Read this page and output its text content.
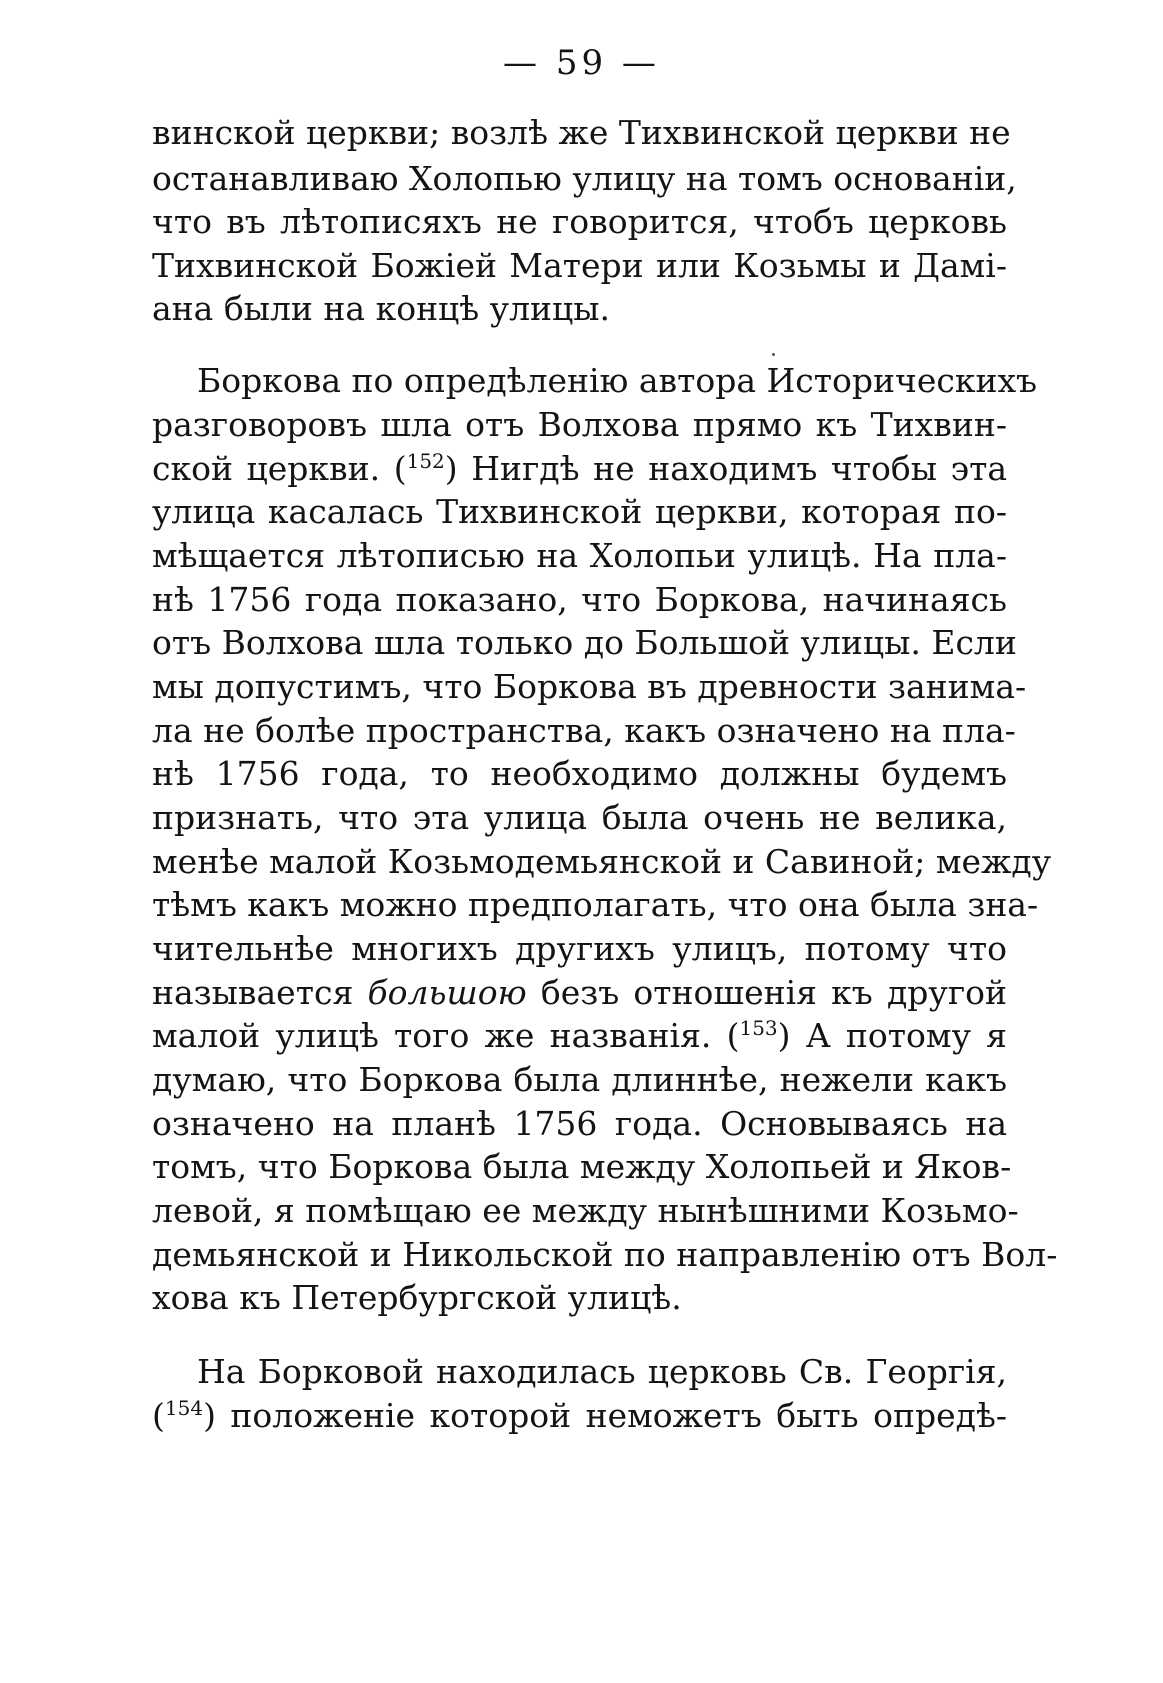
— 59 —
винской церкви; возлѣ же Тихвинской церкви не
останавливаю Холопью улицу на томъ основаніи,
что въ лѣтописяхъ не говорится, чтобъ церковь
Тихвинской Божіей Матери или Козьмы и Дамі-
ана были на концѣ улицы.
Боркова по опредѣленію автора Историческихъ
разговоровъ шла отъ Волхова прямо къ Тихвин-
ской церкви. ($^{152}$) Нигдѣ не находимъ чтобы эта
улица касалась Тихвинской церкви, которая по-
мѣщается лѣтописью на Холопьи улицѣ. На пла-
нѣ 1756 года показано, что Боркова, начинаясь
отъ Волхова шла только до Большой улицы. Если
мы допустимъ, что Боркова въ древности занима-
ла не болѣе пространства, какъ означено на пла-
нѣ 1756 года, то необходимо должны будемъ
признать, что эта улица была очень не велика,
менѣе малой Козьмодемьянской и Савиной; между
тѣмъ какъ можно предполагать, что она была зна-
чительнѣе многихъ другихъ улицъ, потому что
называется большою безъ отношенія къ другой
малой улицѣ того же названія. ($^{153}$) А потому я
думаю, что Боркова была длиннѣе, нежели какъ
означено на планѣ 1756 года. Основываясь на
томъ, что Боркова была между Холопьей и Яков-
левой, я помѣщаю ее между нынѣшними Козьмо-
демьянской и Никольской по направленію отъ Вол-
хова къ Петербургской улицѣ.
На Борковой находилась церковь Св. Георгія,
($^{154}$) положеніе которой неможетъ быть опредѣ-
